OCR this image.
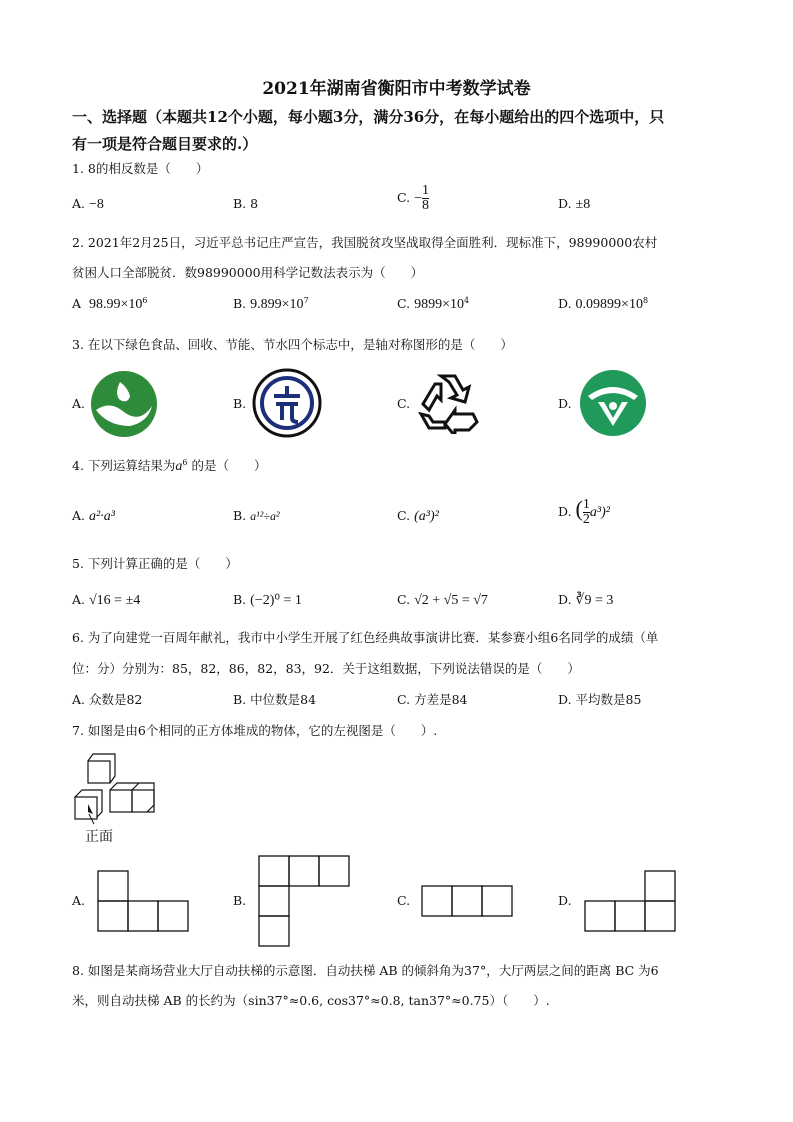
2021年湖南省衡阳市中考数学试卷
一、选择题（本题共12个小题，每小题3分，满分36分，在每小题给出的四个选项中，只
有一项是符合题目要求的.）
1. 8的相反数是（　　）
A. −8	B. 8	C. − $\frac{1}{8}$	D. ±8
2. 2021年2月25日，习近平总书记庄严宣告，我国脱贫攻坚战取得全面胜利．现标准下，98990000农村
贫困人口全部脱贫．数98990000用科学记数法表示为（　　）
A $98.99\times 10^6$	B. $9.899\times 10^7$	C. $9899\times 10^4$	D. $0.09899\times 10^8$
3. 在以下绿色食品、回收、节能、节水四个标志中，是轴对称图形的是（　　）
A.	B.	C.	D.
4. 下列运算结果为$a^6$ 的是（　　）
A. a²·a³	B. a¹²÷a²	C. (a³)²	D. ( $\frac{1}{2} a^3)^2$
5. 下列计算正确的是（　　）
A. √16 = ±4	B. (−2)⁰ = 1	C. √2 + √5 = √7	D. ∛9 = 3
6. 为了向建党一百周年献礼，我市中小学生开展了红色经典故事演讲比赛．某参赛小组6名同学的成绩（单
位：分）分别为：85，82，86，82，83，92．关于这组数据，下列说法错误的是（　　）
A. 众数是82	B. 中位数是84	C. 方差是84	D. 平均数是85
7. 如图是由6个相同的正方体堆成的物体，它的左视图是（　　）.
正面
A.	B.	C.	D.
8. 如图是某商场营业大厅自动扶梯的示意图．自动扶梯 AB 的倾斜角为37°，大厅两层之间的距离 BC 为6
米，则自动扶梯 AB 的长约为（sin37°≈0.6, cos37°≈0.8, tan37°≈0.75）（　　）.
